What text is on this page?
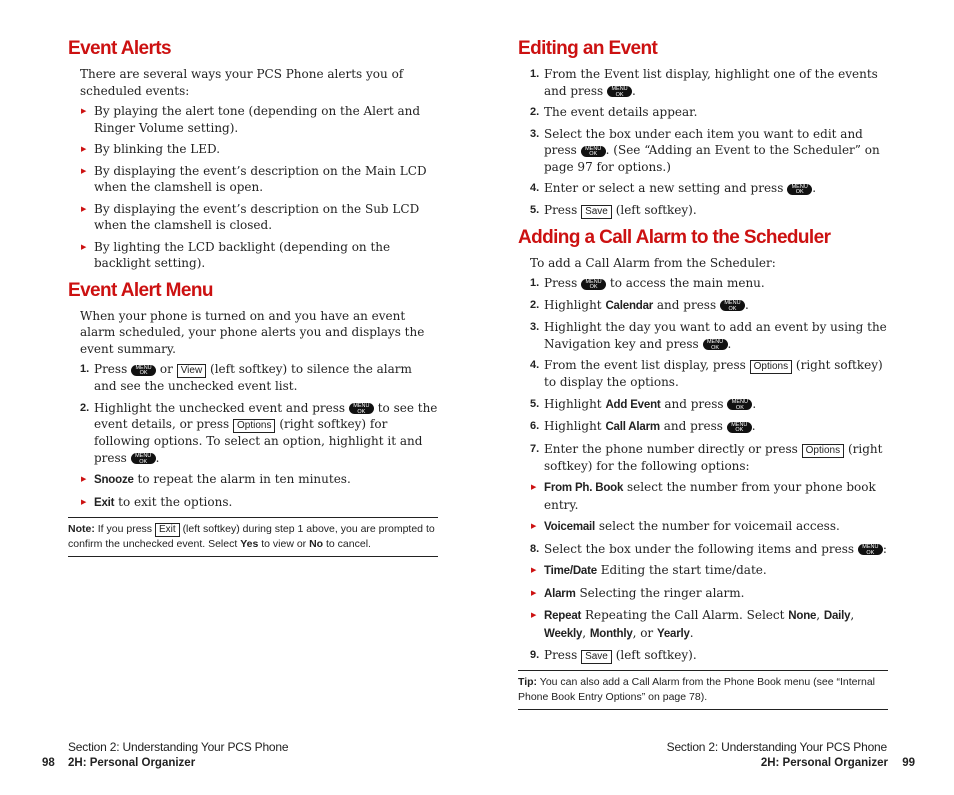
Event Alerts

There are several ways your PCS Phone alerts you of scheduled events:

▶ By playing the alert tone (depending on the Alert and Ringer Volume setting).
▶ By blinking the LED.
▶ By displaying the event’s description on the Main LCD when the clamshell is open.
▶ By displaying the event’s description on the Sub LCD when the clamshell is closed.
▶ By lighting the LCD backlight (depending on the backlight setting).
Event Alert Menu

When your phone is turned on and you have an event alarm scheduled, your phone alerts you and displays the event summary.

1. Press MENU OK or View (left softkey) to silence the alarm and see the unchecked event list.
2. Highlight the unchecked event and press MENU OK to see the event details, or press Options (right softkey) for following options. To select an option, highlight it and press MENU OK .
▶ Snooze to repeat the alarm in ten minutes.
▶ Exit to exit the options.
Note: If you press Exit (left softkey) during step 1 above, you are prompted to confirm the unchecked event. Select Yes to view or No to cancel.
Editing an Event
1. From the Event list display, highlight one of the events and press MENU OK .
2. The event details appear.
3. Select the box under each item you want to edit and press MENU OK . (See “Adding an Event to the Scheduler” on page 97 for options.)
4. Enter or select a new setting and press MENU OK .
5. Press Save (left softkey).
Adding a Call Alarm to the Scheduler

To add a Call Alarm from the Scheduler:

1. Press MENU OK to access the main menu.
2. Highlight Calendar and press MENU OK .
3. Highlight the day you want to add an event by using the Navigation key and press MENU OK .
4. From the event list display, press Options (right softkey) to display the options.
5. Highlight Add Event and press MENU OK .
6. Highlight Call Alarm and press MENU OK .
7. Enter the phone number directly or press Options (right softkey) for the following options:
▶ From Ph. Book select the number from your phone book entry.
▶ Voicemail select the number for voicemail access.
8. Select the box under the following items and press MENU OK :
▶ Time/Date Editing the start time/date.
▶ Alarm Selecting the ringer alarm.
▶ Repeat Repeating the Call Alarm. Select None, Daily, Weekly, Monthly, or Yearly.
9. Press Save (left softkey).
Tip: You can also add a Call Alarm from the Phone Book menu (see “Internal Phone Book Entry Options” on page 78).
Section 2: Understanding Your PCS Phone
98 2H: Personal Organizer
Section 2: Understanding Your PCS Phone
2H: Personal Organizer 99
